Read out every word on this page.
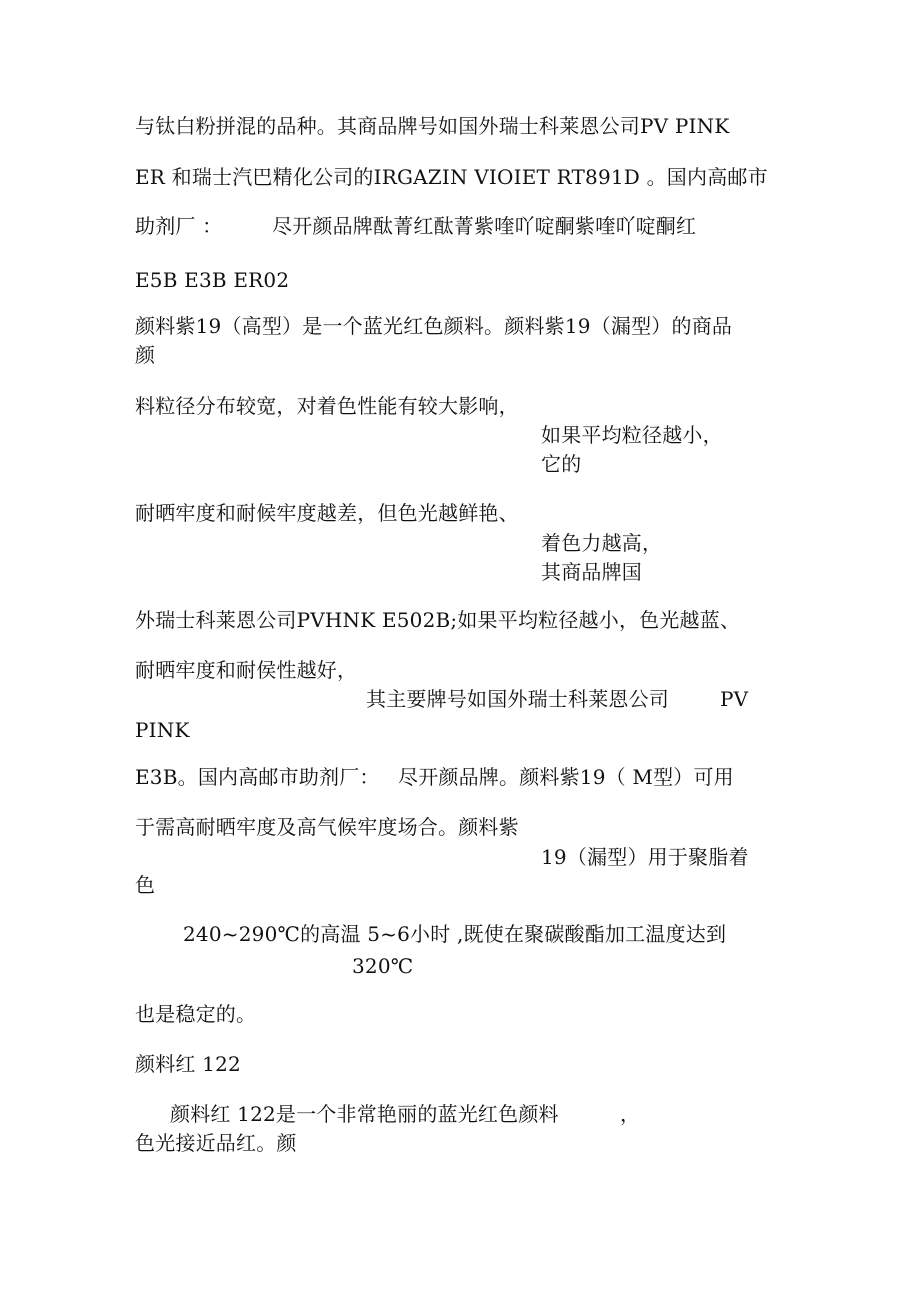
与钛白粉拼混的品种。其商品牌号如国外瑞士科莱恩公司PV PINK
ER 和瑞士汽巴精化公司的IRGAZIN VIOIET RT891D 。国内高邮市
助剂厂 ： 尽开颜品牌酞菁红酞菁紫喹吖啶酮紫喹吖啶酮红
E5B E3B ER02
颜料紫19（高型）是一个蓝光红色颜料。颜料紫19（漏型）的商品
颜
料粒径分布较宽，对着色性能有较大影响，
如果平均粒径越小，
它的
耐晒牢度和耐候牢度越差，但色光越鲜艳、
着色力越高，
其商品牌国
外瑞士科莱恩公司PVHNK E502B;如果平均粒径越小，色光越蓝、
耐晒牢度和耐侯性越好，
其主要牌号如国外瑞士科莱恩公司	PV
PINK
E3B。国内高邮市助剂厂： 尽开颜品牌。颜料紫19（ M型）可用
于需高耐晒牢度及高气候牢度场合。颜料紫
19（漏型）用于聚脂着
色
240~290℃的高温 5~6小时 ,既使在聚碳酸酯加工温度达到
320℃
也是稳定的。
颜料红 122
颜料红 122是一个非常艳丽的蓝光红色颜料	，
色光接近品红。颜
